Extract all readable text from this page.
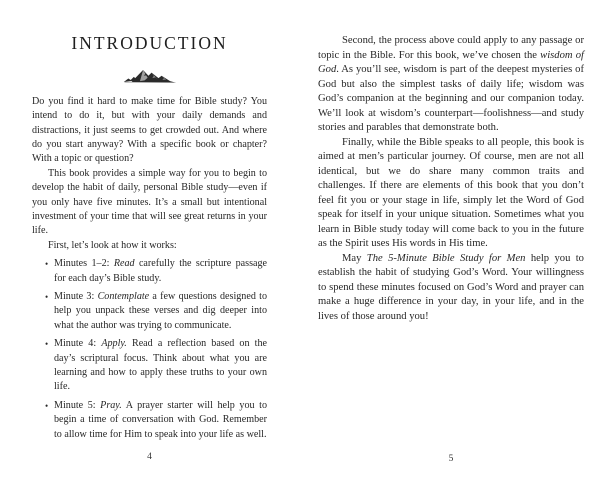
INTRODUCTION

Do you find it hard to make time for Bible study? You intend to do it, but with your daily demands and distractions, it just seems to get crowded out. And where do you start anyway? With a specific book or chapter? With a topic or question?

This book provides a simple way for you to begin to develop the habit of daily, personal Bible study—even if you only have five minutes. It’s a small but intentional investment of your time that will see great returns in your life.

First, let’s look at how it works:

• Minutes 1–2: Read carefully the scripture passage for each day’s Bible study.
• Minute 3: Contemplate a few questions designed to help you unpack these verses and dig deeper into what the author was trying to communicate.
• Minute 4: Apply. Read a reflection based on the day’s scriptural focus. Think about what you are learning and how to apply these truths to your own life.
• Minute 5: Pray. A prayer starter will help you to begin a time of conversation with God. Remember to allow time for Him to speak into your life as well.

Second, the process above could apply to any passage or topic in the Bible. For this book, we’ve chosen the wisdom of God. As you’ll see, wisdom is part of the deepest mysteries of God but also the simplest tasks of daily life; wisdom was God’s companion at the beginning and our companion today. We’ll look at wisdom’s counterpart—foolishness—and study stories and parables that demonstrate both.

Finally, while the Bible speaks to all people, this book is aimed at men’s particular journey. Of course, men are not all identical, but we do share many common traits and challenges. If there are elements of this book that you don’t feel fit you or your stage in life, simply let the Word of God speak for itself in your unique situation. Sometimes what you learn in Bible study today will come back to you in the future as the Spirit uses His words in His time.

May The 5-Minute Bible Study for Men help you to establish the habit of studying God’s Word. Your willingness to spend these minutes focused on God’s Word and prayer can make a huge difference in your day, in your life, and in the lives of those around you!

4	5
